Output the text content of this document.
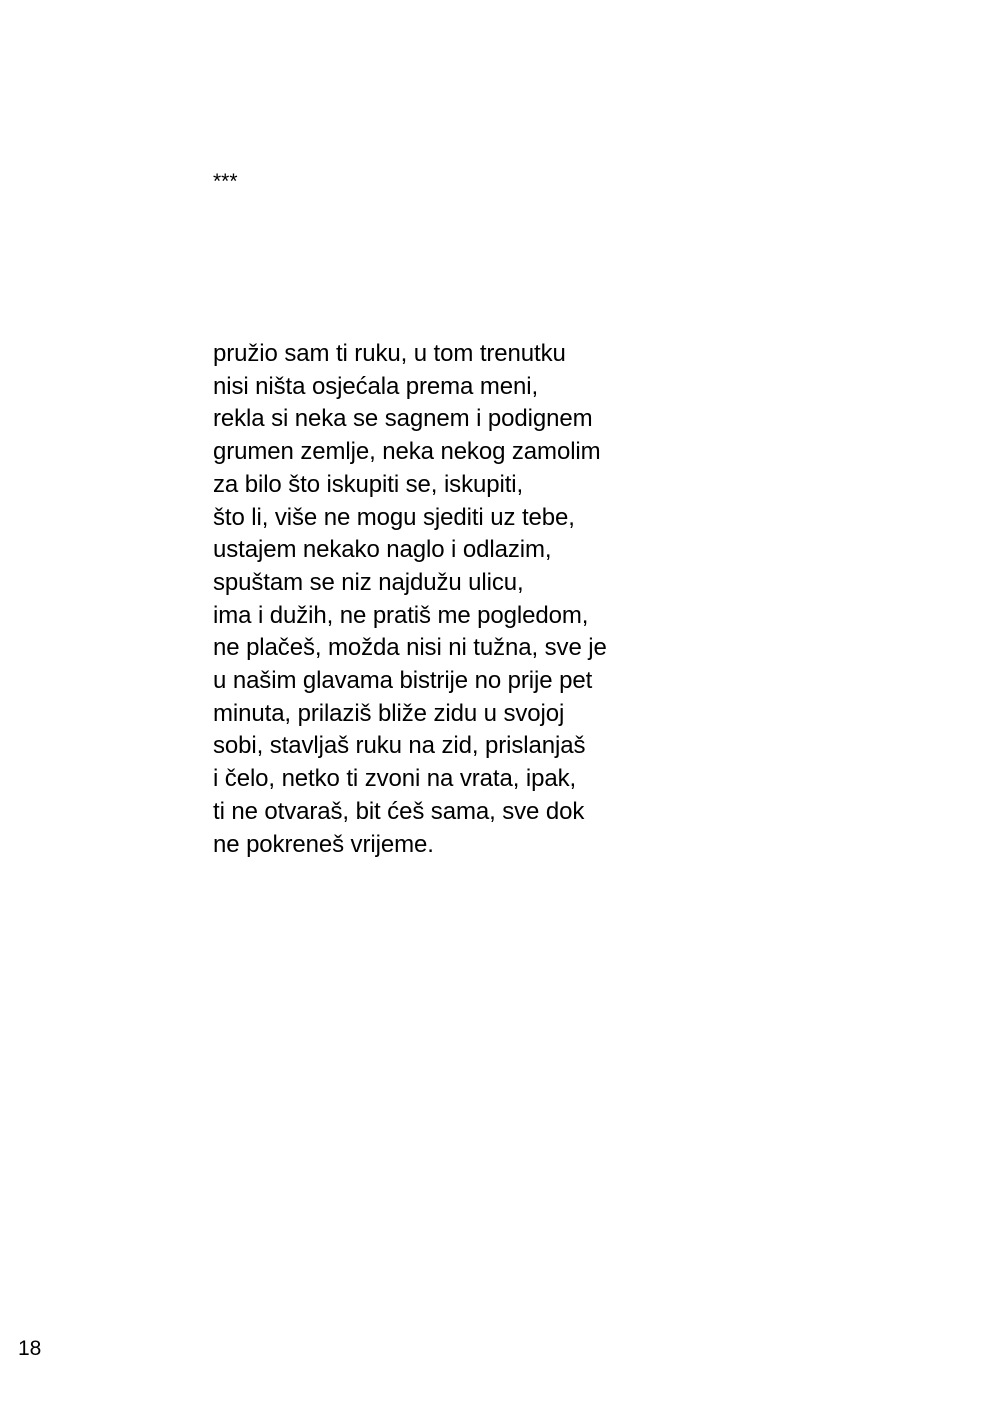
***

pružio sam ti ruku, u tom trenutku
nisi ništa osjećala prema meni,
rekla si neka se sagnem i podignem
grumen zemlje, neka nekog zamolim
za bilo što iskupiti se, iskupiti,
što li, više ne mogu sjediti uz tebe,
ustajem nekako naglo i odlazim,
spuštam se niz najdužu ulicu,
ima i dužih, ne pratiš me pogledom,
ne plačeš, možda nisi ni tužna, sve je
u našim glavama bistrije no prije pet
minuta, prilaziš bliže zidu u svojoj
sobi, stavljaš ruku na zid, prislanjaš
i čelo, netko ti zvoni na vrata, ipak,
ti ne otvaraš, bit ćeš sama, sve dok
ne pokreneš vrijeme.

18
